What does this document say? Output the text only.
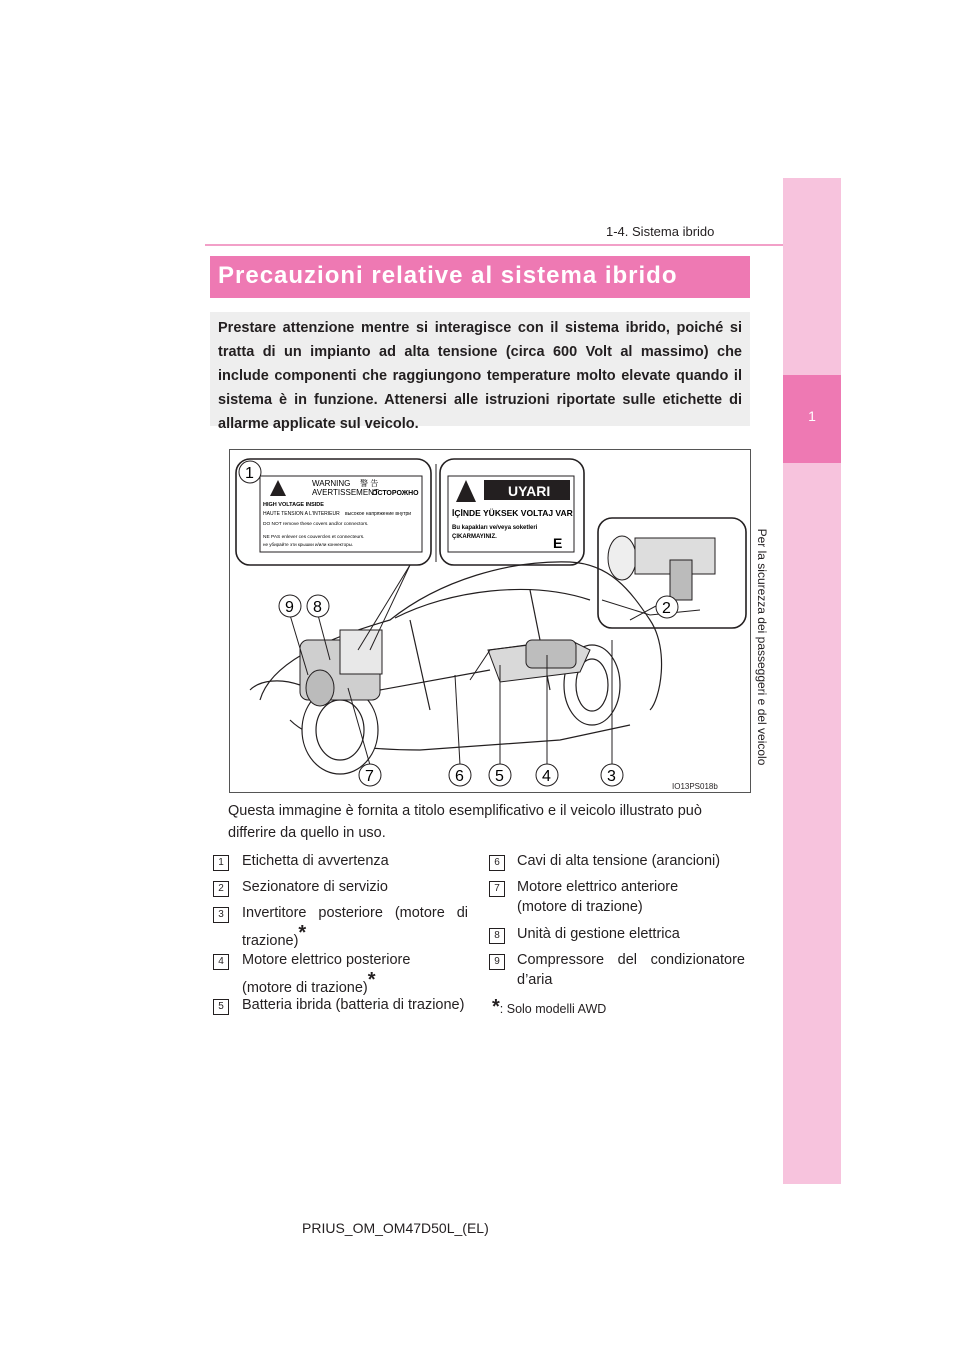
1-4. Sistema ibrido
1
Per la sicurezza dei passeggeri e del veicolo
Precauzioni relative al sistema ibrido
Prestare attenzione mentre si interagisce con il sistema ibrido, poiché si tratta di un impianto ad alta tensione (circa 600 Volt al massimo) che include componenti che raggiungono temperature molto elevate quando il sistema è in funzione. Attenersi alle istruzioni riportate sulle etichette di allarme applicate sul veicolo.
WARNING 警 告
AVERTISSEMENT
ОСТОРОЖНО
HIGH VOLTAGE INSIDE
HAUTE TENSION A L'INTERIEUR высокое напряжение внутри
DO NOT remove these covers and/or connectors.
NE PAS enlever ces couvercles et connecteurs.
не убирайте эти крышки и/или коннекторы.
UYARI
İÇİNDE YÜKSEK VOLTAJ VAR
Bu kapakları ve/veya soketleri
ÇIKARMAYINIZ.	E
1
2
3
4
5
6
7
8
9
IO13PS018b
Questa immagine è fornita a titolo esemplificativo e il veicolo illustrato può differire da quello in uso.
1	Etichetta di avvertenza
2	Sezionatore di servizio
3	Invertitore posteriore (motore di trazione)*
4	Motore elettrico posteriore (motore di trazione)*
5	Batteria ibrida (batteria di trazione)
6	Cavi di alta tensione (arancioni)
7	Motore elettrico anteriore (motore di trazione)
8	Unità di gestione elettrica
9	Compressore del condizionatore d’aria
*: Solo modelli AWD
PRIUS_OM_OM47D50L_(EL)
